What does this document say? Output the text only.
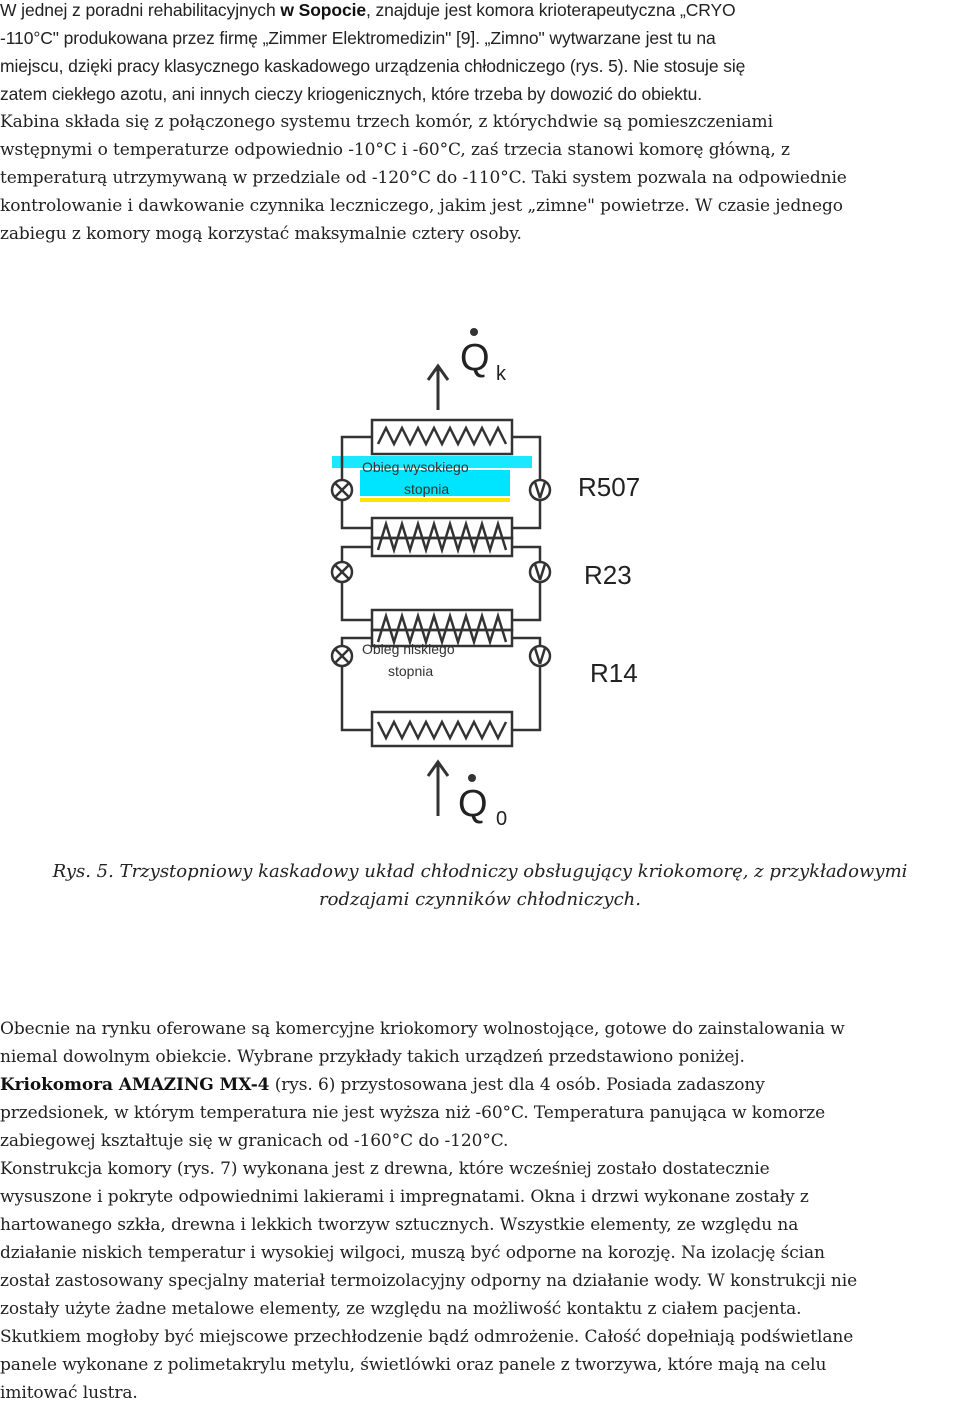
W jednej z poradni rehabilitacyjnych w Sopocie, znajduje jest komora krioterapeutyczna „CRYO
-110°C" produkowana przez firmę „Zimmer Elektromedizin" [9]. „Zimno" wytwarzane jest tu na
miejscu, dzięki pracy klasycznego kaskadowego urządzenia chłodniczego (rys. 5). Nie stosuje się
zatem ciekłego azotu, ani innych cieczy kriogenicznych, które trzeba by dowozić do obiektu.
Kabina składa się z połączonego systemu trzech komór, z którychdwie są pomieszczeniami
wstępnymi o temperaturze odpowiednio -10°C i -60°C, zaś trzecia stanowi komorę główną, z
temperaturą utrzymywaną w przedziale od -120°C do -110°C. Taki system pozwala na odpowiednie
kontrolowanie i dawkowanie czynnika leczniczego, jakim jest „zimne" powietrze. W czasie jednego
zabiegu z komory mogą korzystać maksymalnie cztery osoby.
Q k
Obieg wysokiego
stopnia	R507
R23
Obieg niskiego
stopnia	R14
Q 0
Rys. 5. Trzystopniowy kaskadowy układ chłodniczy obsługujący kriokomorę, z przykładowymi
rodzajami czynników chłodniczych.
Obecnie na rynku oferowane są komercyjne kriokomory wolnostojące, gotowe do zainstalowania w
niemal dowolnym obiekcie. Wybrane przykłady takich urządzeń przedstawiono poniżej.
Kriokomora AMAZING MX-4 (rys. 6) przystosowana jest dla 4 osób. Posiada zadaszony
przedsionek, w którym temperatura nie jest wyższa niż -60°C. Temperatura panująca w komorze
zabiegowej kształtuje się w granicach od -160°C do -120°C.
Konstrukcja komory (rys. 7) wykonana jest z drewna, które wcześniej zostało dostatecznie
wysuszone i pokryte odpowiednimi lakierami i impregnatami. Okna i drzwi wykonane zostały z
hartowanego szkła, drewna i lekkich tworzyw sztucznych. Wszystkie elementy, ze względu na
działanie niskich temperatur i wysokiej wilgoci, muszą być odporne na korozję. Na izolację ścian
został zastosowany specjalny materiał termoizolacyjny odporny na działanie wody. W konstrukcji nie
zostały użyte żadne metalowe elementy, ze względu na możliwość kontaktu z ciałem pacjenta.
Skutkiem mogłoby być miejscowe przechłodzenie bądź odmrożenie. Całość dopełniają podświetlane
panele wykonane z polimetakrylu metylu, świetlówki oraz panele z tworzywa, które mają na celu
imitować lustra.
